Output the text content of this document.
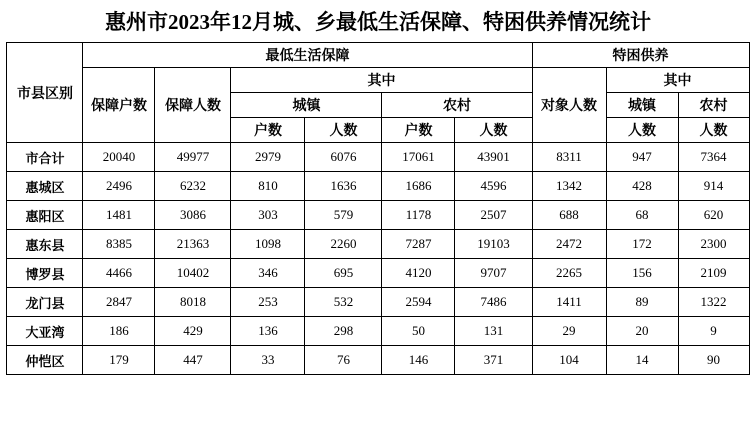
惠州市2023年12月城、乡最低生活保障、特困供养情况统计
市县区别	最低生活保障						特困供养		
	保障户数	保障人数	其中				对象人数	其中	
			城镇		农村			城镇	农村
			户数	人数	户数	人数		人数	人数
市合计	20040	49977	2979	6076	17061	43901	8311	947	7364
惠城区	2496	6232	810	1636	1686	4596	1342	428	914
惠阳区	1481	3086	303	579	1178	2507	688	68	620
惠东县	8385	21363	1098	2260	7287	19103	2472	172	2300
博罗县	4466	10402	346	695	4120	9707	2265	156	2109
龙门县	2847	8018	253	532	2594	7486	1411	89	1322
大亚湾	186	429	136	298	50	131	29	20	9
仲恺区	179	447	33	76	146	371	104	14	90
